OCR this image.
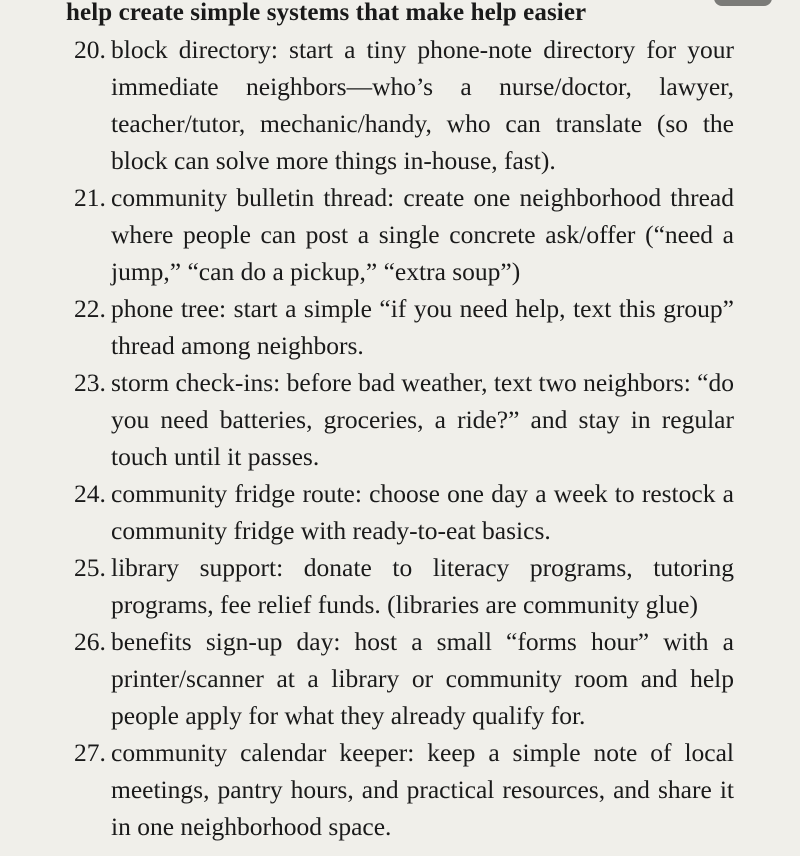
help create simple systems that make help easier
20. block directory: start a tiny phone-note directory for your immediate neighbors—who’s a nurse/doctor, lawyer, teacher/tutor, mechanic/handy, who can translate (so the block can solve more things in-house, fast).
21. community bulletin thread: create one neighborhood thread where people can post a single concrete ask/offer (“need a jump,” “can do a pickup,” “extra soup”)
22. phone tree: start a simple “if you need help, text this group” thread among neighbors.
23. storm check-ins: before bad weather, text two neighbors: “do you need batteries, groceries, a ride?” and stay in regular touch until it passes.
24. community fridge route: choose one day a week to restock a community fridge with ready-to-eat basics.
25. library support: donate to literacy programs, tutoring programs, fee relief funds. (libraries are community glue)
26. benefits sign-up day: host a small “forms hour” with a printer/scanner at a library or community room and help people apply for what they already qualify for.
27. community calendar keeper: keep a simple note of local meetings, pantry hours, and practical resources, and share it in one neighborhood space.
